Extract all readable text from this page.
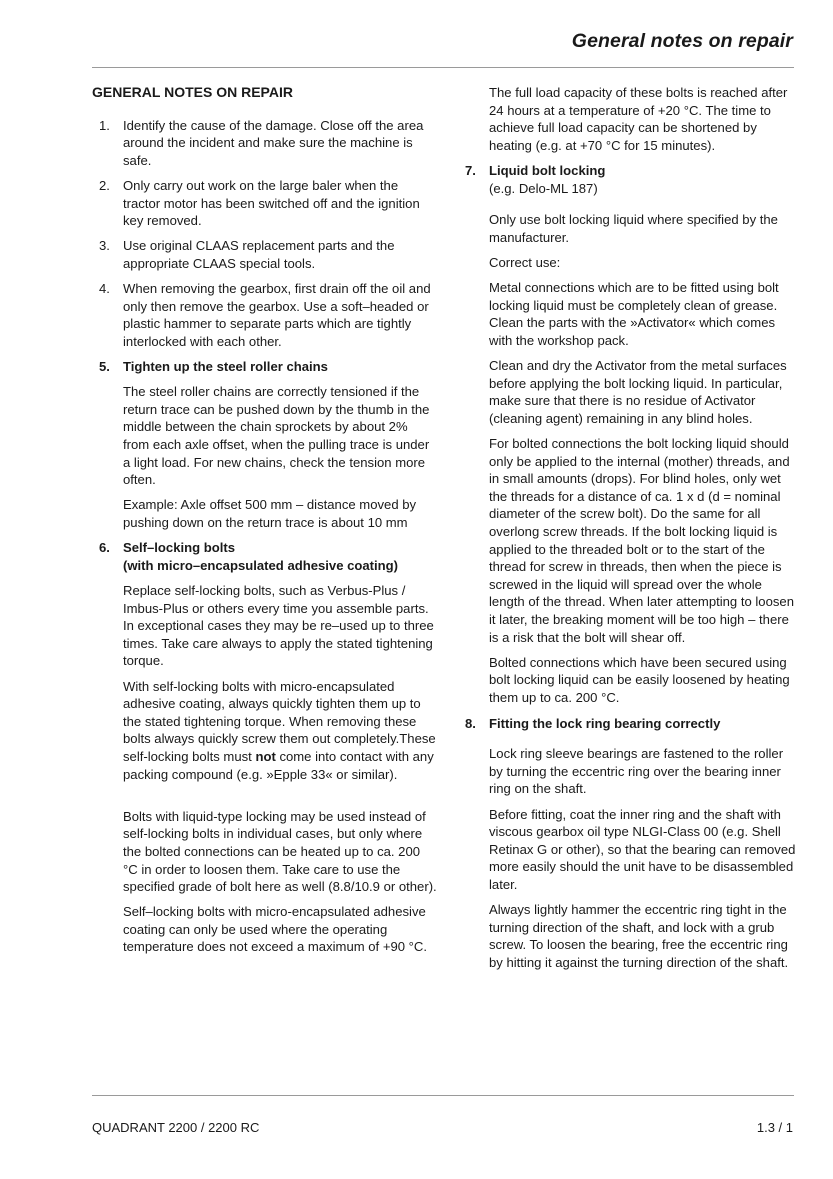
General notes on repair
GENERAL NOTES ON REPAIR
1. Identify the cause of the damage. Close off the area around the incident and make sure the machine is safe.

2. Only carry out work on the large baler when the tractor motor has been switched off and the ignition key removed.

3. Use original CLAAS replacement parts and the appropriate CLAAS special tools.

4. When removing the gearbox, first drain off the oil and only then remove the gearbox. Use a soft–headed or plastic hammer to separate parts which are tightly interlocked with each other.

5. Tighten up the steel roller chains

The steel roller chains are correctly tensioned if the return trace can be pushed down by the thumb in the middle between the chain sprockets by about 2% from each axle offset, when the pulling trace is under a light load. For new chains, check the tension more often.

Example: Axle offset 500 mm – distance moved by pushing down on the return trace is about 10 mm

6. Self–locking bolts

(with micro–encapsulated adhesive coating)

Replace self-locking bolts, such as Verbus-Plus / Imbus-Plus or others every time you assemble parts. In exceptional cases they may be re–used up to three times. Take care always to apply the stated tightening torque.

With self-locking bolts with micro-encapsulated adhesive coating, always quickly tighten them up to the stated tightening torque. When removing these bolts always quickly screw them out completely.These self-locking bolts must not come into contact with any packing compound (e.g. »Epple 33« or similar).

Bolts with liquid-type locking may be used instead of self-locking bolts in individual cases, but only where the bolted connections can be heated up to ca. 200 °C in order to loosen them. Take care to use the specified grade of bolt here as well (8.8/10.9 or other).

Self–locking bolts with micro-encapsulated adhesive coating can only be used where the operating temperature does not exceed a maximum of +90 °C.

The full load capacity of these bolts is reached after 24 hours at a temperature of +20 °C. The time to achieve full load capacity can be shortened by heating (e.g. at +70 °C for 15 minutes).

7. Liquid bolt locking

(e.g. Delo-ML 187)

Only use bolt locking liquid where specified by the manufacturer.

Correct use:

Metal connections which are to be fitted using bolt locking liquid must be completely clean of grease. Clean the parts with the »Activator« which comes with the workshop pack.

Clean and dry the Activator from the metal surfaces before applying the bolt locking liquid. In particular, make sure that there is no residue of Activator (cleaning agent) remaining in any blind holes.

For bolted connections the bolt locking liquid should only be applied to the internal (mother) threads, and in small amounts (drops). For blind holes, only wet the threads for a distance of ca. 1 x d (d = nominal diameter of the screw bolt). Do the same for all overlong screw threads. If the bolt locking liquid is applied to the threaded bolt or to the start of the thread for screw in threads, then when the piece is screwed in the liquid will spread over the whole length of the thread. When later attempting to loosen it later, the breaking moment will be too high – there is a risk that the bolt will shear off.

Bolted connections which have been secured using bolt locking liquid can be easily loosened by heating them up to ca. 200 °C.

8. Fitting the lock ring bearing correctly

Lock ring sleeve bearings are fastened to the roller by turning the eccentric ring over the bearing inner ring on the shaft.

Before fitting, coat the inner ring and the shaft with viscous gearbox oil type NLGI-Class 00 (e.g. Shell Retinax G or other), so that the bearing can removed more easily should the unit have to be disassembled later.

Always lightly hammer the eccentric ring tight in the turning direction of the shaft, and lock with a grub screw. To loosen the bearing, free the eccentric ring by hitting it against the turning direction of the shaft.

QUADRANT 2200 / 2200 RC	1.3 / 1
